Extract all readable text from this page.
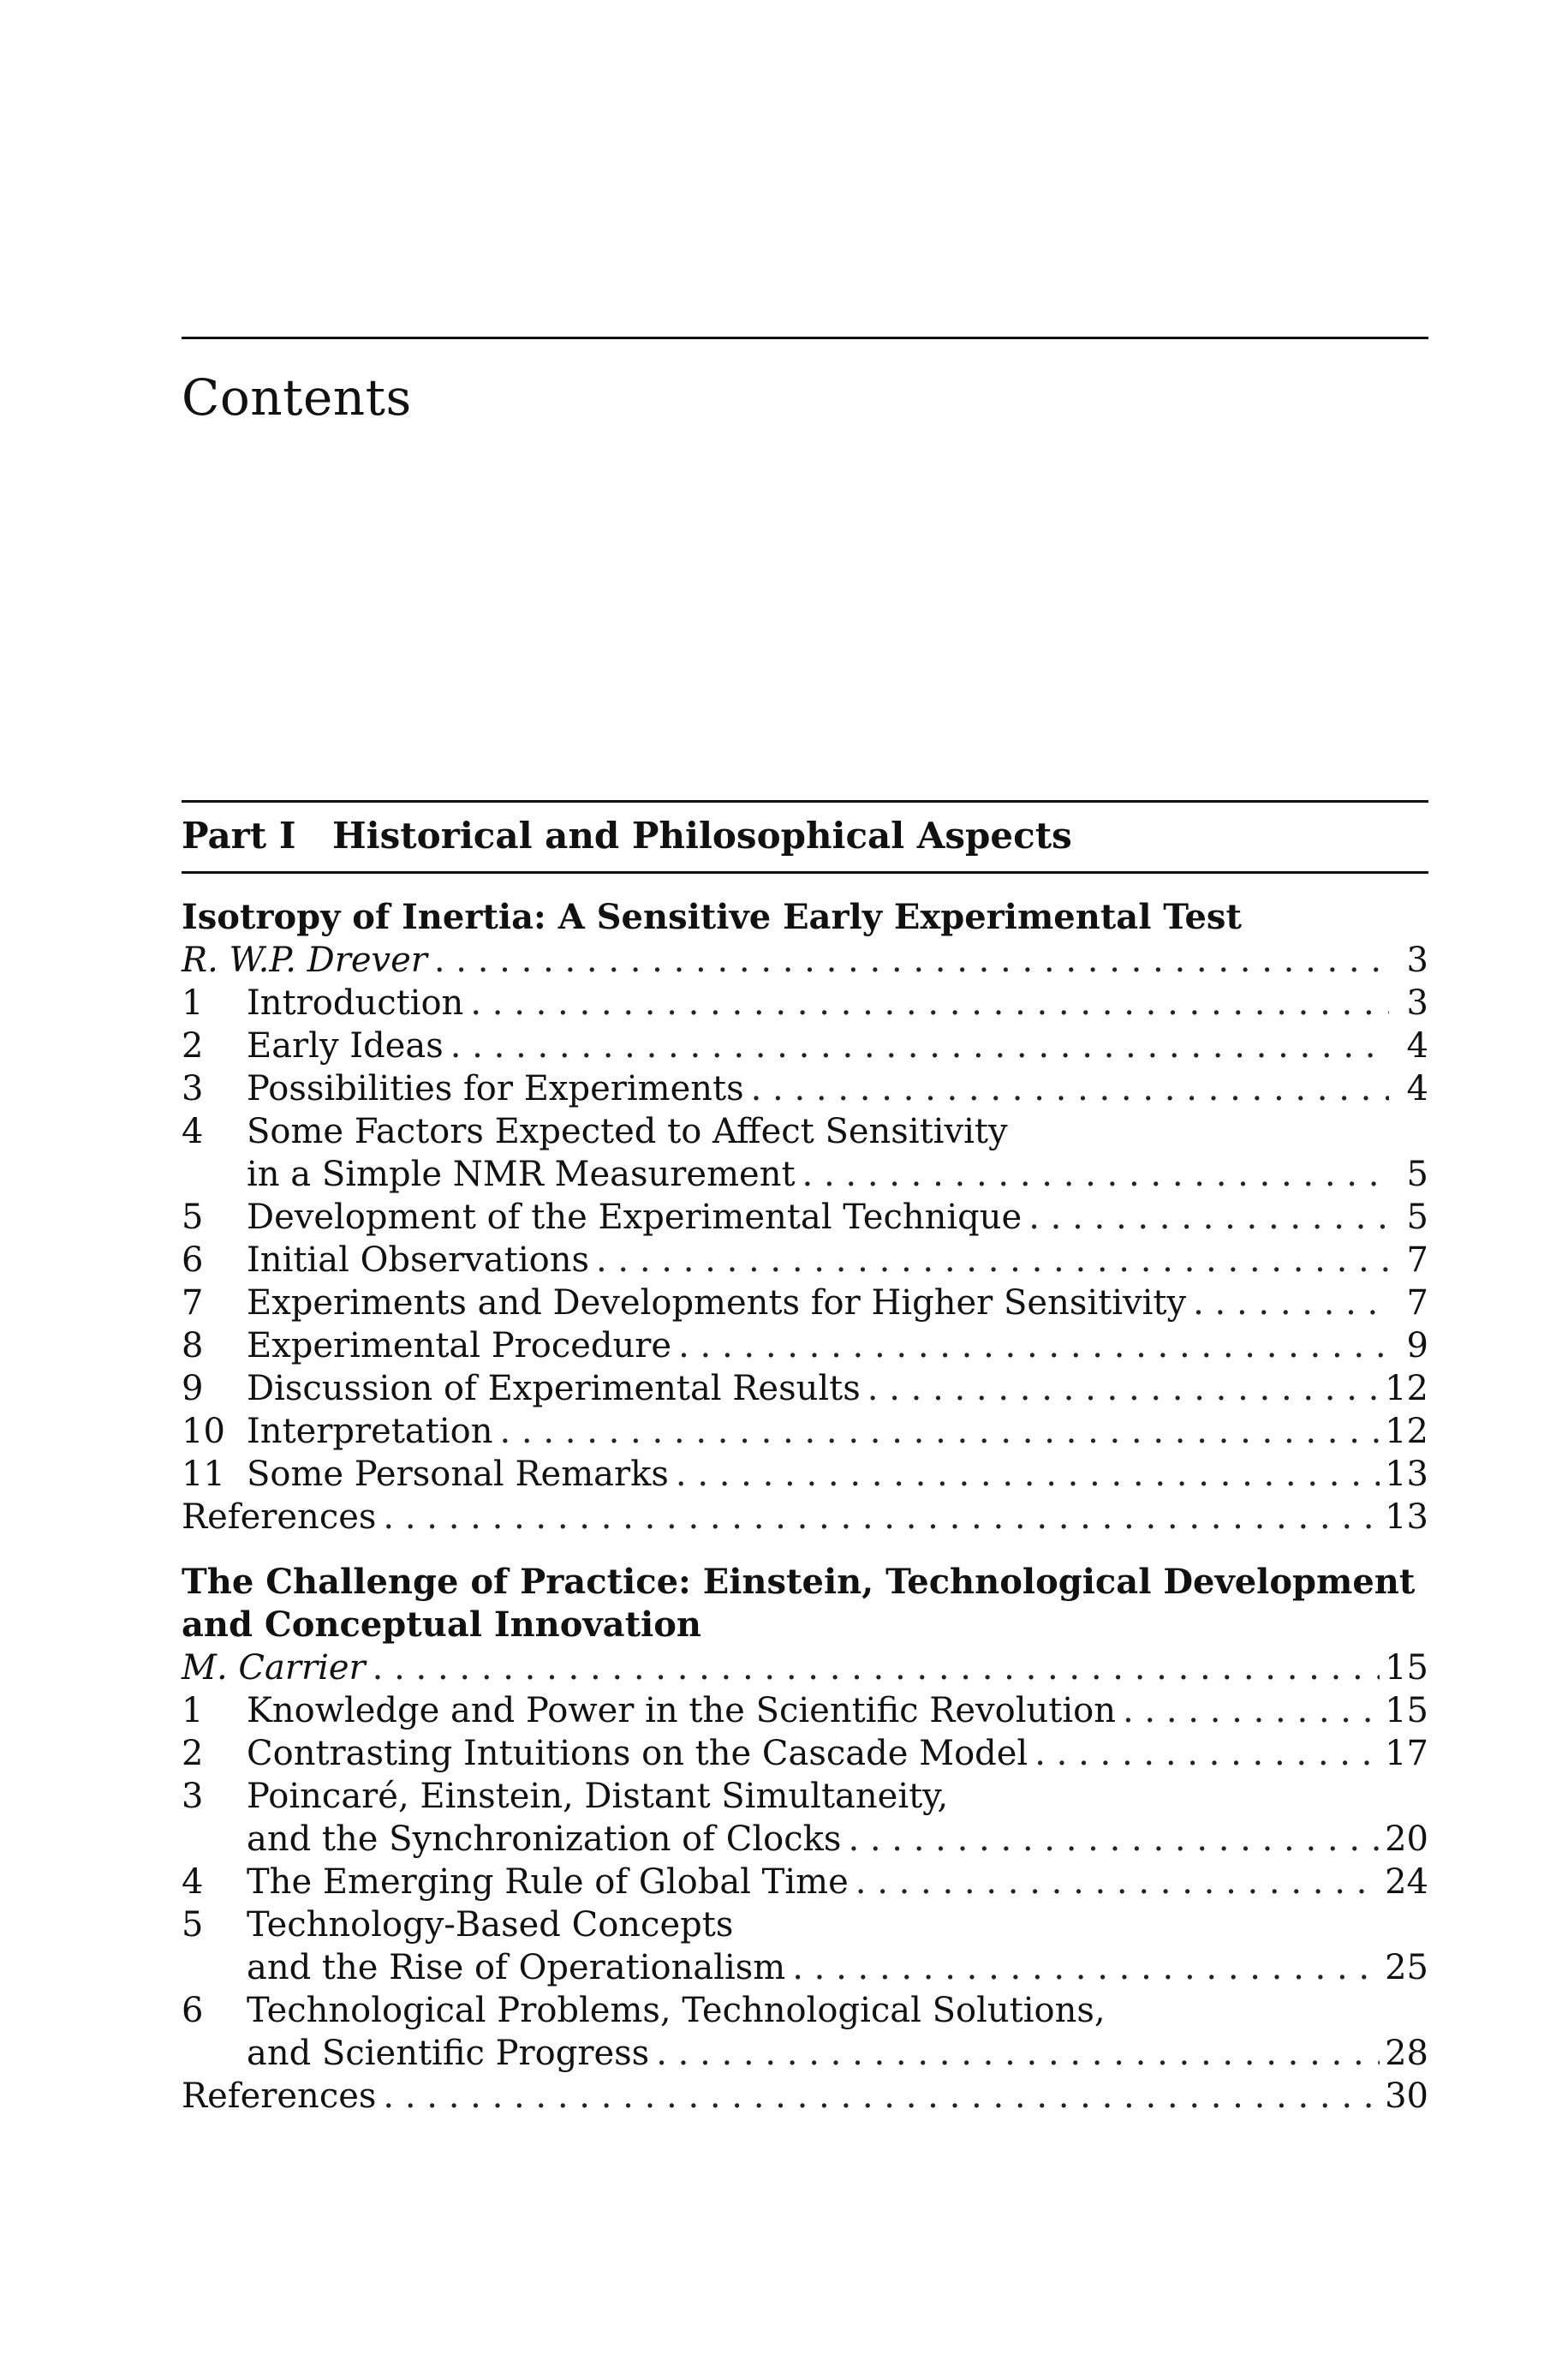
Contents
Part I Historical and Philosophical Aspects
Isotropy of Inertia: A Sensitive Early Experimental Test
R. W.P. Drever . . .	3
1	Introduction . . .	3
2	Early Ideas . . .	4
3	Possibilities for Experiments . . .	4
4	Some Factors Expected to Affect Sensitivity
in a Simple NMR Measurement . . .	5
5	Development of the Experimental Technique . . .	5
6	Initial Observations . . .	7
7	Experiments and Developments for Higher Sensitivity . . .	7
8	Experimental Procedure . . .	9
9	Discussion of Experimental Results . . .	12
10 Interpretation . . .	12
11 Some Personal Remarks . . .	13
References . . .	13
The Challenge of Practice: Einstein, Technological Development
and Conceptual Innovation
M. Carrier . . .	15
1	Knowledge and Power in the Scientific Revolution . . .	15
2	Contrasting Intuitions on the Cascade Model . . .	17
3	Poincaré, Einstein, Distant Simultaneity,
and the Synchronization of Clocks . . .	20
4	The Emerging Rule of Global Time . . .	24
5	Technology-Based Concepts
and the Rise of Operationalism . . .	25
6	Technological Problems, Technological Solutions,
and Scientific Progress . . .	28
References . . .	30
